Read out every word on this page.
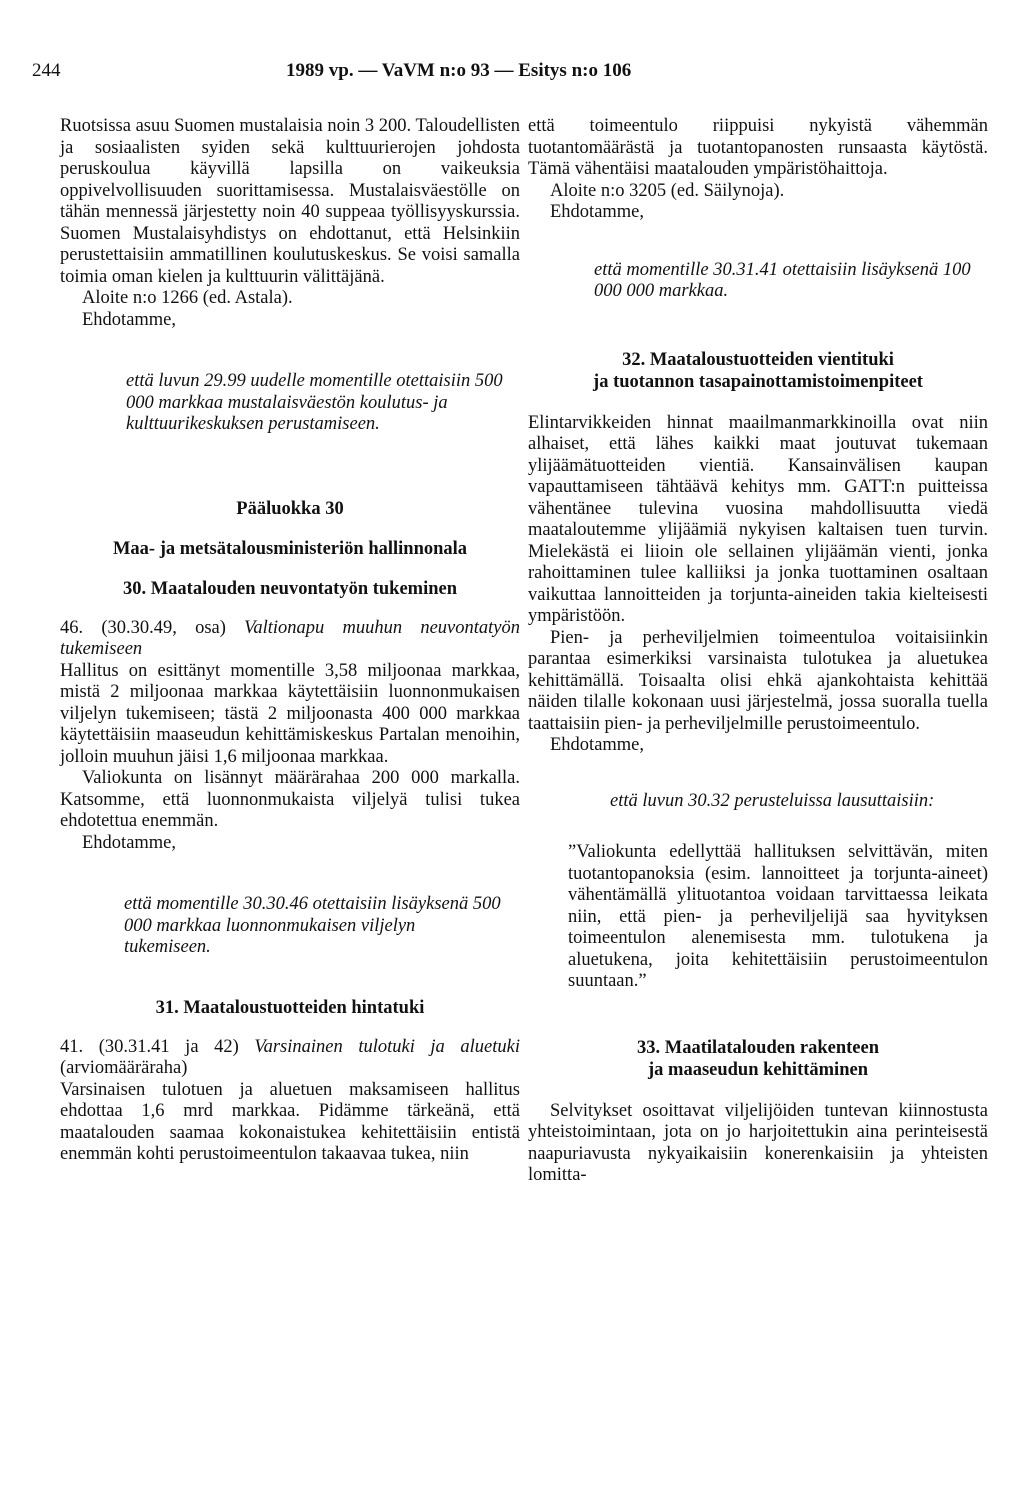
244	1989 vp. — VaVM n:o 93 — Esitys n:o 106

Ruotsissa asuu Suomen mustalaisia noin 3 200. Taloudellisten ja sosiaalisten syiden sekä kulttuurierojen johdosta peruskoulua käyvillä lapsilla on vaikeuksia oppivelvollisuuden suorittamisessa. Mustalaisväestölle on tähän mennessä järjestetty noin 40 suppeaa työllisyyskurssia. Suomen Mustalaisyhdistys on ehdottanut, että Helsinkiin perustettaisiin ammatillinen koulutuskeskus. Se voisi samalla toimia oman kielen ja kulttuurin välittäjänä.

Aloite n:o 1266 (ed. Astala).

Ehdotamme,

että luvun 29.99 uudelle momentille otettaisiin 500 000 markkaa mustalaisväestön koulutus- ja kulttuurikeskuksen perustamiseen.

Pääluokka 30

Maa- ja metsätalousministeriön hallinnonala

30. Maatalouden neuvontatyön tukeminen

46. (30.30.49, osa) Valtionapu muuhun neuvontatyön tukemiseen

Hallitus on esittänyt momentille 3,58 miljoonaa markkaa, mistä 2 miljoonaa markkaa käytettäisiin luonnonmukaisen viljelyn tukemiseen; tästä 2 miljoonasta 400 000 markkaa käytettäisiin maaseudun kehittämiskeskus Partalan menoihin, jolloin muuhun jäisi 1,6 miljoonaa markkaa.

Valiokunta on lisännyt määrärahaa 200 000 markalla. Katsomme, että luonnonmukaista viljelyä tulisi tukea ehdotettua enemmän.

Ehdotamme,

että momentille 30.30.46 otettaisiin lisäyksenä 500 000 markkaa luonnonmukaisen viljelyn tukemiseen.

31. Maataloustuotteiden hintatuki

41. (30.31.41 ja 42) Varsinainen tulotuki ja aluetuki (arviomääräraha)

Varsinaisen tulotuen ja aluetuen maksamiseen hallitus ehdottaa 1,6 mrd markkaa. Pidämme tärkeänä, että maatalouden saamaa kokonaistukea kehitettäisiin entistä enemmän kohti perustoimeentulon takaavaa tukea, niin

että toimeentulo riippuisi nykyistä vähemmän tuotantomäärästä ja tuotantopanosten runsaasta käytöstä. Tämä vähentäisi maatalouden ympäristöhaittoja.

Aloite n:o 3205 (ed. Säilynoja).

Ehdotamme,

että momentille 30.31.41 otettaisiin lisäyksenä 100 000 000 markkaa.

32. Maataloustuotteiden vientituki
ja tuotannon tasapainottamistoimenpiteet

Elintarvikkeiden hinnat maailmanmarkkinoilla ovat niin alhaiset, että lähes kaikki maat joutuvat tukemaan ylijäämätuotteiden vientiä. Kansainvälisen kaupan vapauttamiseen tähtäävä kehitys mm. GATT:n puitteissa vähentänee tulevina vuosina mahdollisuutta viedä maataloutemme ylijäämiä nykyisen kaltaisen tuen turvin. Mielekästä ei liioin ole sellainen ylijäämän vienti, jonka rahoittaminen tulee kalliiksi ja jonka tuottaminen osaltaan vaikuttaa lannoitteiden ja torjunta-aineiden takia kielteisesti ympäristöön.

Pien- ja perheviljelmien toimeentuloa voitaisiinkin parantaa esimerkiksi varsinaista tulotukea ja aluetukea kehittämällä. Toisaalta olisi ehkä ajankohtaista kehittää näiden tilalle kokonaan uusi järjestelmä, jossa suoralla tuella taattaisiin pien- ja perheviljelmille perustoimeentulo.

Ehdotamme,

että luvun 30.32 perusteluissa lausuttaisiin:

”Valiokunta edellyttää hallituksen selvittävän, miten tuotantopanoksia (esim. lannoitteet ja torjunta-aineet) vähentämällä ylituotantoa voidaan tarvittaessa leikata niin, että pien- ja perheviljelijä saa hyvityksen toimeentulon alenemisesta mm. tulotukena ja aluetukena, joita kehitettäisiin perustoimeentulon suuntaan.”

33. Maatilatalouden rakenteen
ja maaseudun kehittäminen

Selvitykset osoittavat viljelijöiden tuntevan kiinnostusta yhteistoimintaan, jota on jo harjoitettukin aina perinteisestä naapuriavusta nykyaikaisiin konerenkaisiin ja yhteisten lomitta-
